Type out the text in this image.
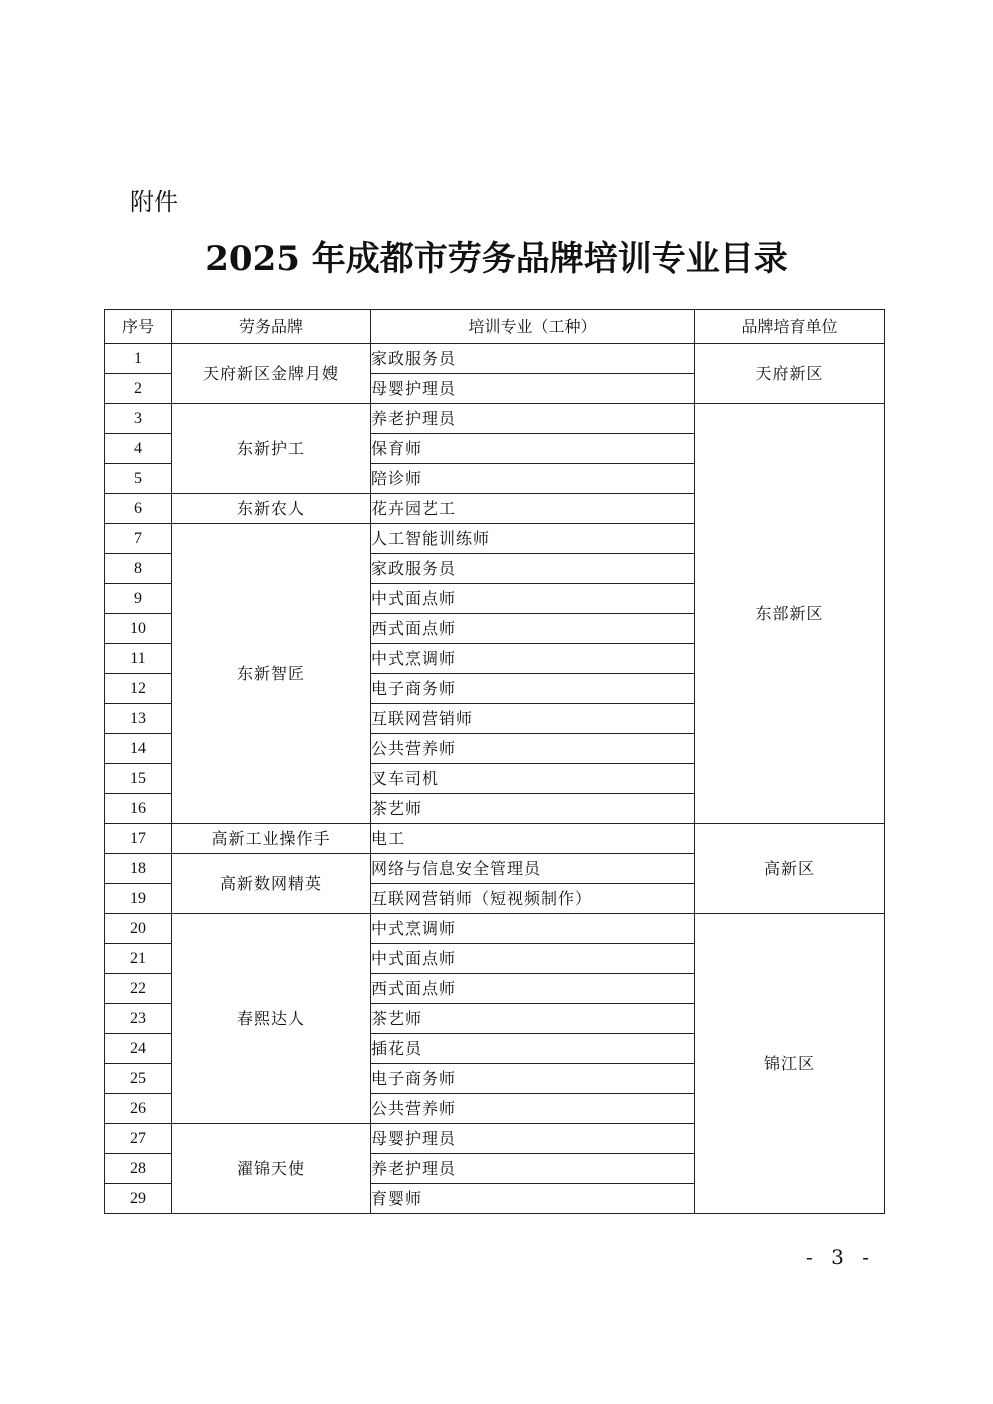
附件

2025 年成都市劳务品牌培训专业目录
序号	劳务品牌	培训专业（工种）	品牌培育单位
1	天府新区金牌月嫂	家政服务员	天府新区
2		母婴护理员	
3	东新护工	养老护理员	东部新区
4		保育师	
5		陪诊师	
6	东新农人	花卉园艺工	
7	东新智匠	人工智能训练师	
8		家政服务员	
9		中式面点师	
10		西式面点师	
11		中式烹调师	
12		电子商务师	
13		互联网营销师	
14		公共营养师	
15		叉车司机	
16		茶艺师	
17	高新工业操作手	电工	高新区
18	高新数网精英	网络与信息安全管理员	
19		互联网营销师（短视频制作）	
20	春熙达人	中式烹调师	锦江区
21		中式面点师	
22		西式面点师	
23		茶艺师	
24		插花员	
25		电子商务师	
26		公共营养师	
27	濯锦天使	母婴护理员	
28		养老护理员	
29		育婴师	

- 3 -
